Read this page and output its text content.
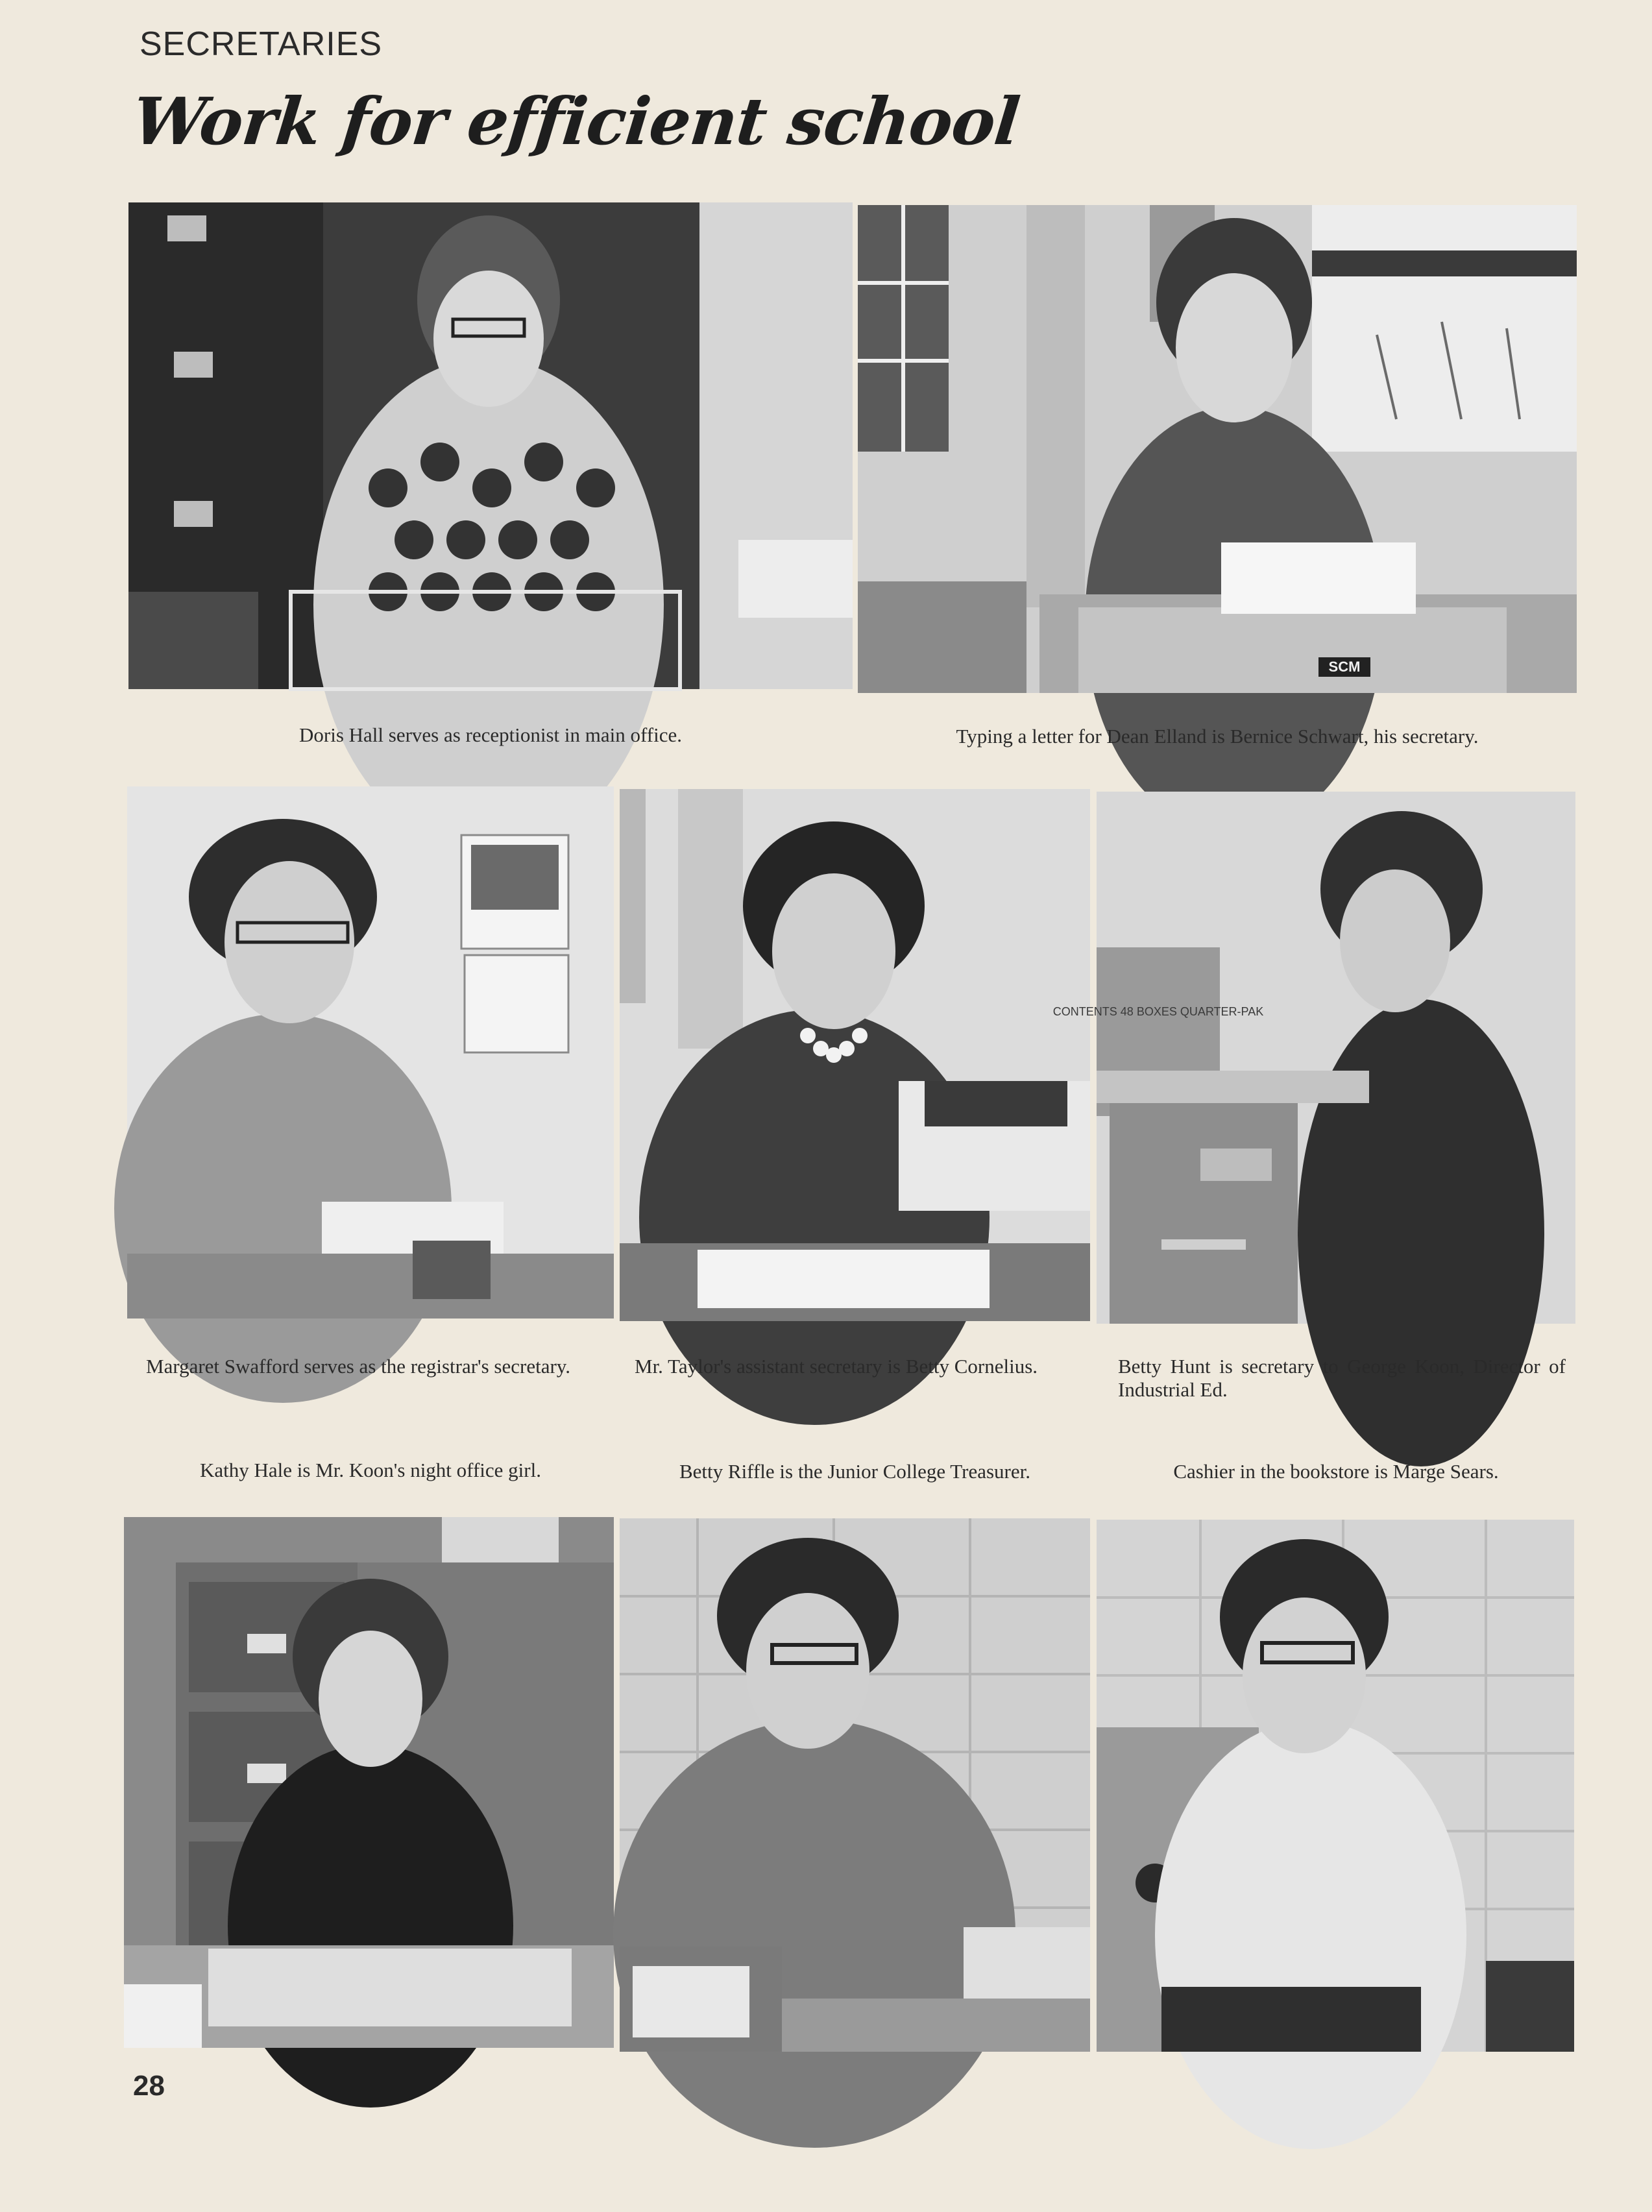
SECRETARIES
Work for efficient school
SCM
Doris Hall serves as receptionist in main office.	Typing a letter for Dean Elland is Bernice Schwart, his secretary.
CONTENTS 48 BOXES QUARTER-PAK
Margaret Swafford serves as the registrar's secretary.	Mr. Taylor's assistant secretary is Betty Cornelius.	Betty Hunt is secretary to George Koon, Director of Industrial Ed.
Kathy Hale is Mr. Koon's night office girl.	Betty Riffle is the Junior College Treasurer.	Cashier in the bookstore is Marge Sears.
28
